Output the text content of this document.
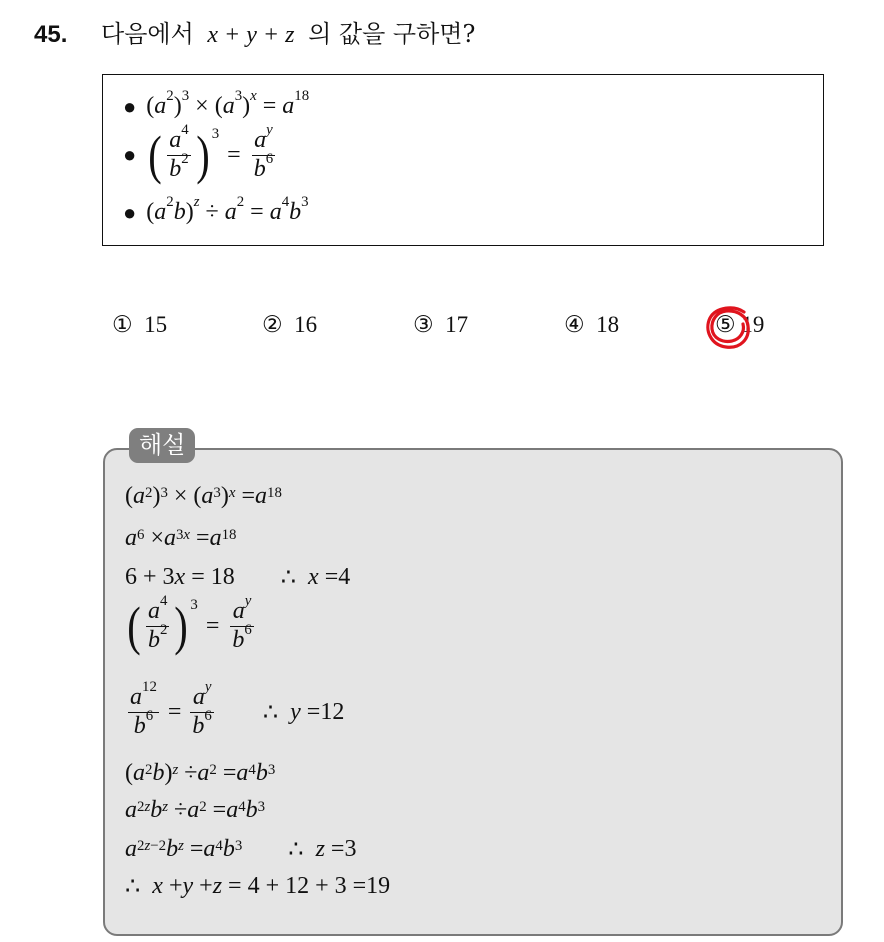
45. 다음에서 x + y + z 의 값을 구하면?
● $(a^2)^3 \times (a^3)^x = a^{18}$
● ( $\frac{a^4}{b^2} )^3$
= $\frac{a^y}{b^6}$
● $(a^2b)^z \div a^2 = a^4b^3$
① 15	② 16	③ 17	④ 18	⑤ 19
해설
( $a^2$ )$^3$ × ( $a^3$ )$^x = a^{18}$
$a^6 \times a^{3x} = a^{18}$
6 + 3 x = 18 ∴ x = 4
( $\frac{a^4}{b^2} )^3$
= $\frac{a^y}{b^6}$
$\frac{a^{12}}{b^6} = \frac{a^y}{b^6}$ ∴ y = 12
( $a^2$ b )$^z \div a^2 = a^4$ $b^3$
$a^{2z}$ $b^z \div a^2 = a^4$ $b^3$
$a^{2z-2}$ $b^z = a^4$ $b^3$ ∴ z = 3
∴ x + y + z = 4 + 12 + 3 = 19
